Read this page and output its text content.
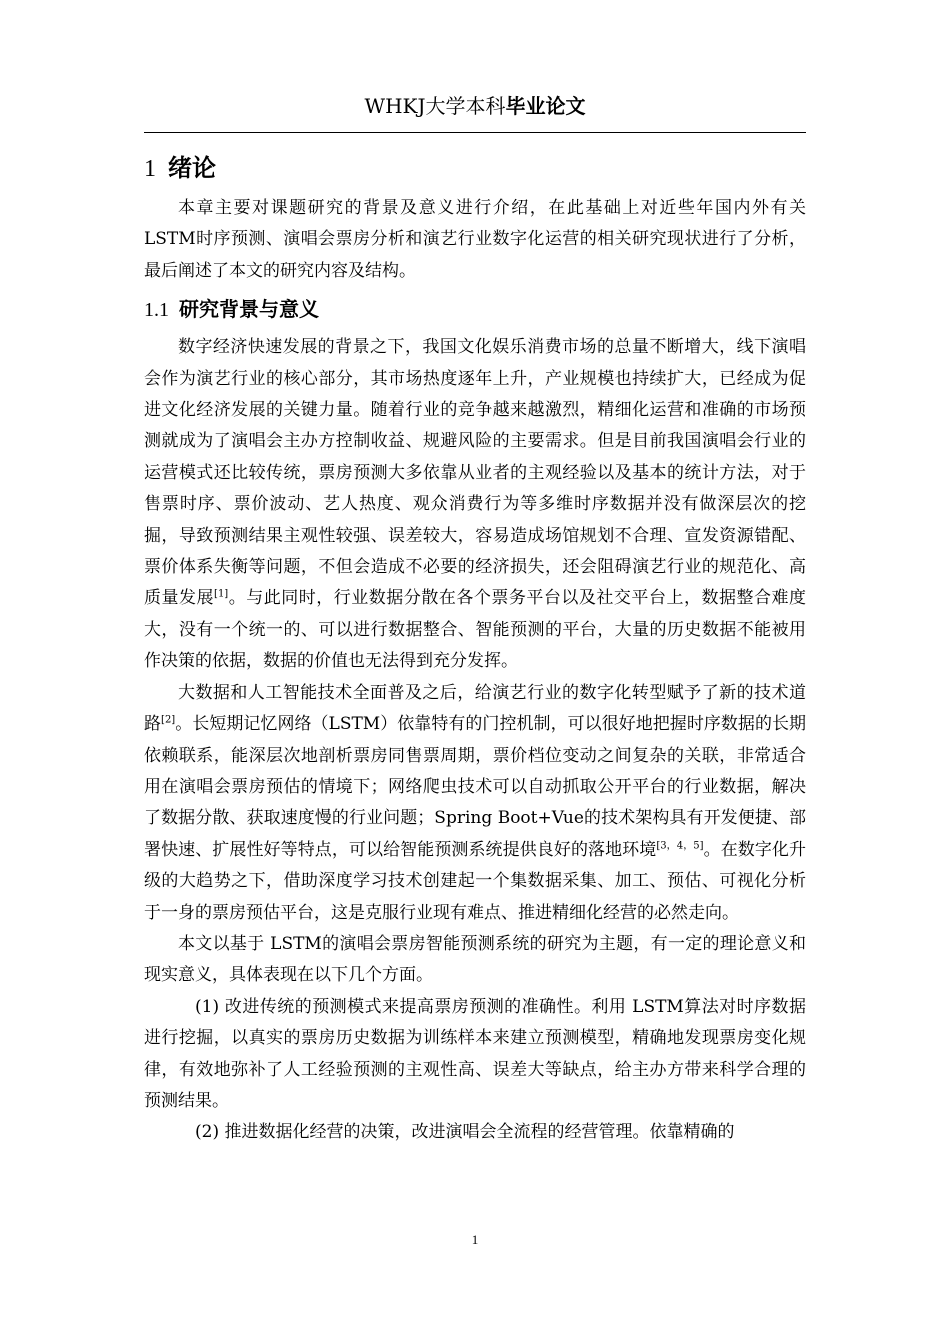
WHKJ大学本科毕业论文
1 绪论

本章主要对课题研究的背景及意义进行介绍，在此基础上对近些年国内外有关 LSTM时序预测、演唱会票房分析和演艺行业数字化运营的相关研究现状进行了分析，最后阐述了本文的研究内容及结构。

1.1 研究背景与意义

数字经济快速发展的背景之下，我国文化娱乐消费市场的总量不断增大，线下演唱会作为演艺行业的核心部分，其市场热度逐年上升，产业规模也持续扩大，已经成为促进文化经济发展的关键力量。随着行业的竞争越来越激烈，精细化运营和准确的市场预测就成为了演唱会主办方控制收益、规避风险的主要需求。但是目前我国演唱会行业的运营模式还比较传统，票房预测大多依靠从业者的主观经验以及基本的统计方法，对于售票时序、票价波动、艺人热度、观众消费行为等多维时序数据并没有做深层次的挖掘，导致预测结果主观性较强、误差较大，容易造成场馆规划不合理、宣发资源错配、票价体系失衡等问题，不但会造成不必要的经济损失，还会阻碍演艺行业的规范化、高质量发展[1]。与此同时，行业数据分散在各个票务平台以及社交平台上，数据整合难度大，没有一个统一的、可以进行数据整合、智能预测的平台，大量的历史数据不能被用作决策的依据，数据的价值也无法得到充分发挥。

大数据和人工智能技术全面普及之后，给演艺行业的数字化转型赋予了新的技术道路[2]。长短期记忆网络（LSTM）依靠特有的门控机制，可以很好地把握时序数据的长期依赖联系，能深层次地剖析票房同售票周期，票价档位变动之间复杂的关联，非常适合用在演唱会票房预估的情境下；网络爬虫技术可以自动抓取公开平台的行业数据，解决了数据分散、获取速度慢的行业问题；Spring Boot+Vue的技术架构具有开发便捷、部署快速、扩展性好等特点，可以给智能预测系统提供良好的落地环境[3，4，5]。在数字化升级的大趋势之下，借助深度学习技术创建起一个集数据采集、加工、预估、可视化分析于一身的票房预估平台，这是克服行业现有难点、推进精细化经营的必然走向。

本文以基于 LSTM的演唱会票房智能预测系统的研究为主题，有一定的理论意义和现实意义，具体表现在以下几个方面。

(1) 改进传统的预测模式来提高票房预测的准确性。利用 LSTM算法对时序数据进行挖掘，以真实的票房历史数据为训练样本来建立预测模型，精确地发现票房变化规律，有效地弥补了人工经验预测的主观性高、误差大等缺点，给主办方带来科学合理的预测结果。

(2) 推进数据化经营的决策，改进演唱会全流程的经营管理。依靠精确的

1
